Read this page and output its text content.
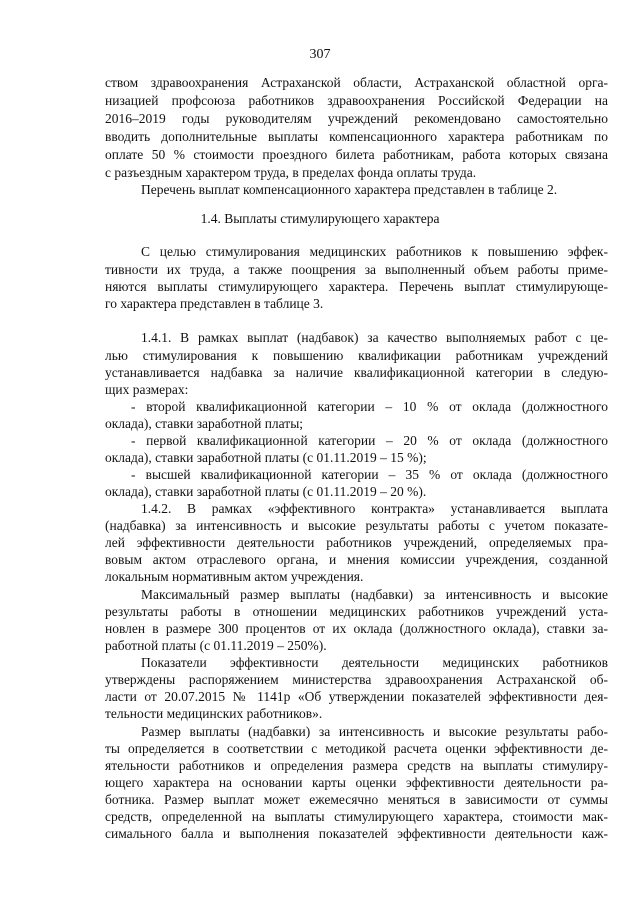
307
ством здравоохранения Астраханской области, Астраханской областной орга-
низацией профсоюза работников здравоохранения Российской Федерации на
2016–2019 годы руководителям учреждений рекомендовано самостоятельно
вводить дополнительные выплаты компенсационного характера работникам по
оплате 50 % стоимости проездного билета работникам, работа которых связана
с разъездным характером труда, в пределах фонда оплаты труда.
Перечень выплат компенсационного характера представлен в таблице 2.
1.4. Выплаты стимулирующего характера
С целью стимулирования медицинских работников к повышению эффек-
тивности их труда, а также поощрения за выполненный объем работы приме-
няются выплаты стимулирующего характера. Перечень выплат стимулирующе-
го характера представлен в таблице 3.
1.4.1. В рамках выплат (надбавок) за качество выполняемых работ с це-
лью стимулирования к повышению квалификации работникам учреждений
устанавливается надбавка за наличие квалификационной категории в следую-
щих размерах:
- второй квалификационной категории – 10 % от оклада (должностного
оклада), ставки заработной платы;
- первой квалификационной категории – 20 % от оклада (должностного
оклада), ставки заработной платы (с 01.11.2019 – 15 %);
- высшей квалификационной категории – 35 % от оклада (должностного
оклада), ставки заработной платы (с 01.11.2019 – 20 %).
1.4.2. В рамках «эффективного контракта» устанавливается выплата
(надбавка) за интенсивность и высокие результаты работы с учетом показате-
лей эффективности деятельности работников учреждений, определяемых пра-
вовым актом отраслевого органа, и мнения комиссии учреждения, созданной
локальным нормативным актом учреждения.
Максимальный размер выплаты (надбавки) за интенсивность и высокие
результаты работы в отношении медицинских работников учреждений уста-
новлен в размере 300 процентов от их оклада (должностного оклада), ставки за-
работной платы (с 01.11.2019 – 250%).
Показатели эффективности деятельности медицинских работников
утверждены распоряжением министерства здравоохранения Астраханской об-
ласти от 20.07.2015 № 1141р «Об утверждении показателей эффективности дея-
тельности медицинских работников».
Размер выплаты (надбавки) за интенсивность и высокие результаты рабо-
ты определяется в соответствии с методикой расчета оценки эффективности де-
ятельности работников и определения размера средств на выплаты стимулиру-
ющего характера на основании карты оценки эффективности деятельности ра-
ботника. Размер выплат может ежемесячно меняться в зависимости от суммы
средств, определенной на выплаты стимулирующего характера, стоимости мак-
симального балла и выполнения показателей эффективности деятельности каж-
